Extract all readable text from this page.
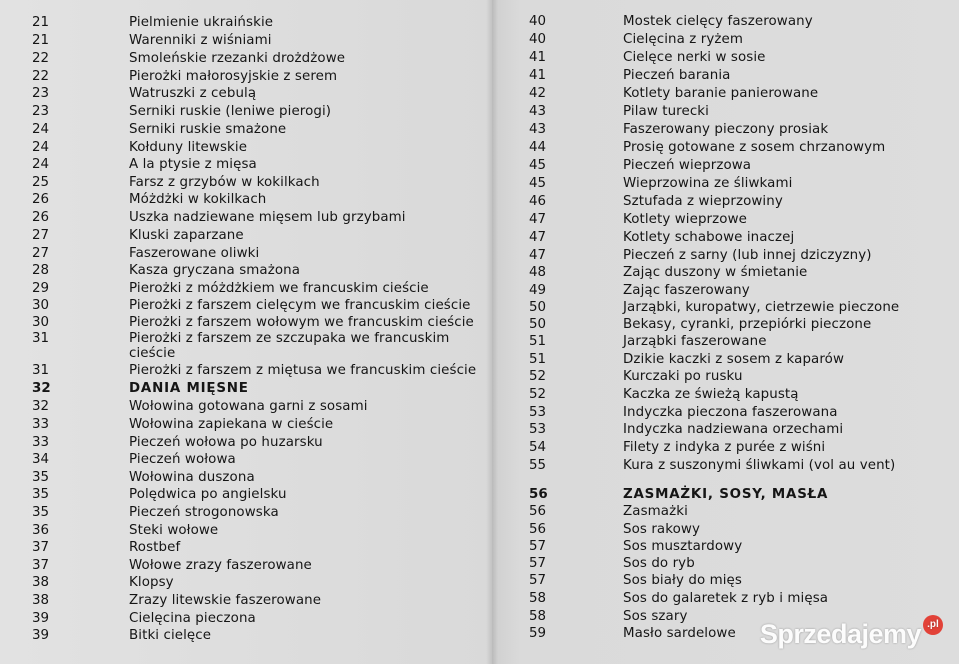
21	Pielmienie ukraińskie
21	Warenniki z wiśniami
22	Smoleńskie rzezanki drożdżowe
22	Pierożki małorosyjskie z serem
23	Watruszki z cebulą
23	Serniki ruskie (leniwe pierogi)
24	Serniki ruskie smażone
24	Kołduny litewskie
24	A la ptysie z mięsa
25	Farsz z grzybów w kokilkach
26	Móżdżki w kokilkach
26	Uszka nadziewane mięsem lub grzybami
27	Kluski zaparzane
27	Faszerowane oliwki
28	Kasza gryczana smażona
29	Pierożki z móżdżkiem we francuskim cieście
30	Pierożki z farszem cielęcym we francuskim cieście
30	Pierożki z farszem wołowym we francuskim cieście
31	Pierożki z farszem ze szczupaka we francuskim
cieście
31	Pierożki z farszem z miętusa we francuskim cieście
32	DANIA MIĘSNE
32	Wołowina gotowana garni z sosami
33	Wołowina zapiekana w cieście
33	Pieczeń wołowa po huzarsku
34	Pieczeń wołowa
35	Wołowina duszona
35	Polędwica po angielsku
35	Pieczeń strogonowska
36	Steki wołowe
37	Rostbef
37	Wołowe zrazy faszerowane
38	Klopsy
38	Zrazy litewskie faszerowane
39	Cielęcina pieczona
39	Bitki cielęce
40	Mostek cielęcy faszerowany
40	Cielęcina z ryżem
41	Cielęce nerki w sosie
41	Pieczeń barania
42	Kotlety baranie panierowane
43	Pilaw turecki
43	Faszerowany pieczony prosiak
44	Prosię gotowane z sosem chrzanowym
45	Pieczeń wieprzowa
45	Wieprzowina ze śliwkami
46	Sztufada z wieprzowiny
47	Kotlety wieprzowe
47	Kotlety schabowe inaczej
47	Pieczeń z sarny (lub innej dziczyzny)
48	Zając duszony w śmietanie
49	Zając faszerowany
50	Jarząbki, kuropatwy, cietrzewie pieczone
50	Bekasy, cyranki, przepiórki pieczone
51	Jarząbki faszerowane
51	Dzikie kaczki z sosem z kaparów
52	Kurczaki po rusku
52	Kaczka ze świeżą kapustą
53	Indyczka pieczona faszerowana
53	Indyczka nadziewana orzechami
54	Filety z indyka z purée z wiśni
55	Kura z suszonymi śliwkami (vol au vent)
56	ZASMAŻKI, SOSY, MASŁA
56	Zasmażki
56	Sos rakowy
57	Sos musztardowy
57	Sos do ryb
57	Sos biały do mięs
58	Sos do galaretek z ryb i mięsa
58	Sos szary
59	Masło sardelowe Sprzedajemy .pl
